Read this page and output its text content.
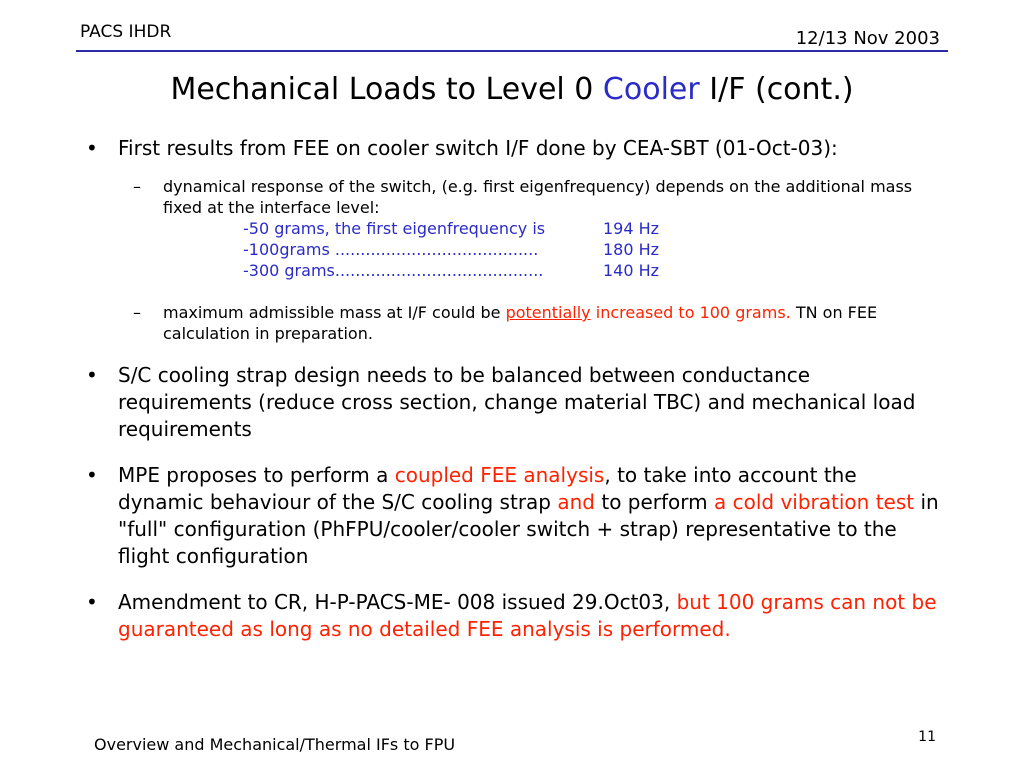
PACS IHDR	12/13 Nov 2003
Mechanical Loads to Level 0 Cooler I/F (cont.)
• First results from FEE on cooler switch I/F done by CEA-SBT (01-Oct-03):
– dynamical response of the switch, (e.g. first eigenfrequency) depends on the additional mass fixed at the interface level:
-50 grams, the first eigenfrequency is	194 Hz
-100grams ........................................	180 Hz
-300 grams.........................................	140 Hz
– maximum admissible mass at I/F could be potentially increased to 100 grams. TN on FEE calculation in preparation.
• S/C cooling strap design needs to be balanced between conductance requirements (reduce cross section, change material TBC) and mechanical load requirements
• MPE proposes to perform a coupled FEE analysis, to take into account the dynamic behaviour of the S/C cooling strap and to perform a cold vibration test in "full" configuration (PhFPU/cooler/cooler switch + strap) representative to the flight configuration
• Amendment to CR, H-P-PACS-ME- 008 issued 29.Oct03, but 100 grams can not be guaranteed as long as no detailed FEE analysis is performed.
Overview and Mechanical/Thermal IFs to FPU	11
